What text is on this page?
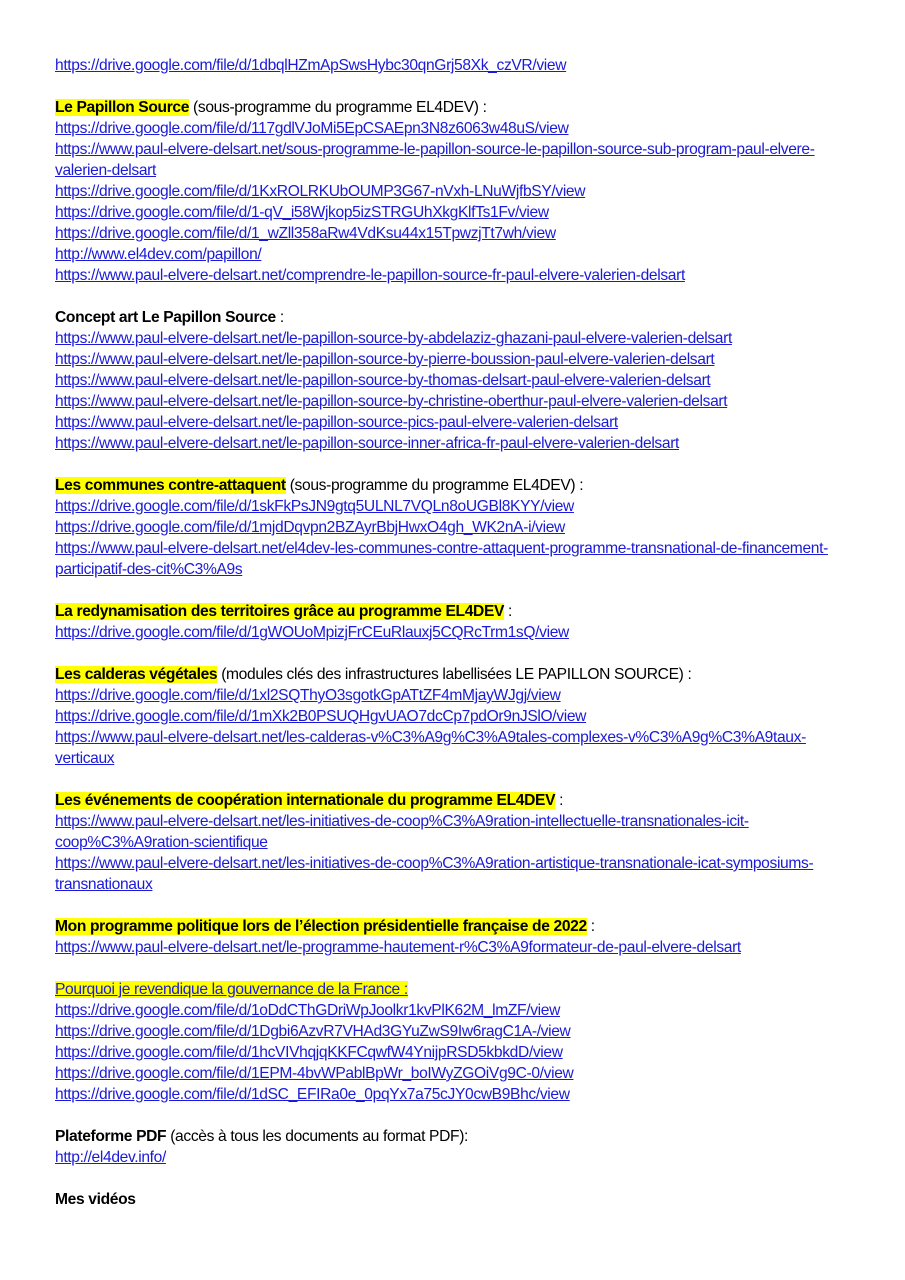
https://drive.google.com/file/d/1dbqlHZmApSwsHybc30qnGrj58Xk_czVR/view
Le Papillon Source (sous-programme du programme EL4DEV) :
https://drive.google.com/file/d/117gdlVJoMi5EpCSAEpn3N8z6063w48uS/view
https://www.paul-elvere-delsart.net/sous-programme-le-papillon-source-le-papillon-source-sub-program-paul-elvere-
valerien-delsart
https://drive.google.com/file/d/1KxROLRKUbOUMP3G67-nVxh-LNuWjfbSY/view
https://drive.google.com/file/d/1-qV_i58Wjkop5izSTRGUhXkgKlfTs1Fv/view
https://drive.google.com/file/d/1_wZll358aRw4VdKsu44x15TpwzjTt7wh/view
http://www.el4dev.com/papillon/
https://www.paul-elvere-delsart.net/comprendre-le-papillon-source-fr-paul-elvere-valerien-delsart
Concept art Le Papillon Source :
https://www.paul-elvere-delsart.net/le-papillon-source-by-abdelaziz-ghazani-paul-elvere-valerien-delsart
https://www.paul-elvere-delsart.net/le-papillon-source-by-pierre-boussion-paul-elvere-valerien-delsart
https://www.paul-elvere-delsart.net/le-papillon-source-by-thomas-delsart-paul-elvere-valerien-delsart
https://www.paul-elvere-delsart.net/le-papillon-source-by-christine-oberthur-paul-elvere-valerien-delsart
https://www.paul-elvere-delsart.net/le-papillon-source-pics-paul-elvere-valerien-delsart
https://www.paul-elvere-delsart.net/le-papillon-source-inner-africa-fr-paul-elvere-valerien-delsart
Les communes contre-attaquent (sous-programme du programme EL4DEV) :
https://drive.google.com/file/d/1skFkPsJN9gtq5ULNL7VQLn8oUGBl8KYY/view
https://drive.google.com/file/d/1mjdDqvpn2BZAyrBbjHwxO4gh_WK2nA-i/view
https://www.paul-elvere-delsart.net/el4dev-les-communes-contre-attaquent-programme-transnational-de-financement-
participatif-des-cit%C3%A9s
La redynamisation des territoires grâce au programme EL4DEV :
https://drive.google.com/file/d/1gWOUoMpizjFrCEuRlauxj5CQRcTrm1sQ/view
Les calderas végétales (modules clés des infrastructures labellisées LE PAPILLON SOURCE) :
https://drive.google.com/file/d/1xl2SQThyO3sgotkGpATtZF4mMjayWJgj/view
https://drive.google.com/file/d/1mXk2B0PSUQHgvUAO7dcCp7pdOr9nJSlO/view
https://www.paul-elvere-delsart.net/les-calderas-v%C3%A9g%C3%A9tales-complexes-v%C3%A9g%C3%A9taux-
verticaux
Les événements de coopération internationale du programme EL4DEV :
https://www.paul-elvere-delsart.net/les-initiatives-de-coop%C3%A9ration-intellectuelle-transnationales-icit-
coop%C3%A9ration-scientifique
https://www.paul-elvere-delsart.net/les-initiatives-de-coop%C3%A9ration-artistique-transnationale-icat-symposiums-
transnationaux
Mon programme politique lors de l’élection présidentielle française de 2022 :
https://www.paul-elvere-delsart.net/le-programme-hautement-r%C3%A9formateur-de-paul-elvere-delsart
Pourquoi je revendique la gouvernance de la France :
https://drive.google.com/file/d/1oDdCThGDriWpJoolkr1kvPlK62M_lmZF/view
https://drive.google.com/file/d/1Dgbi6AzvR7VHAd3GYuZwS9Iw6ragC1A-/view
https://drive.google.com/file/d/1hcVIVhqjqKKFCqwfW4YnijpRSD5kbkdD/view
https://drive.google.com/file/d/1EPM-4bvWPablBpWr_boIWyZGOiVg9C-0/view
https://drive.google.com/file/d/1dSC_EFIRa0e_0pqYx7a75cJY0cwB9Bhc/view
Plateforme PDF (accès à tous les documents au format PDF):
http://el4dev.info/
Mes vidéos
